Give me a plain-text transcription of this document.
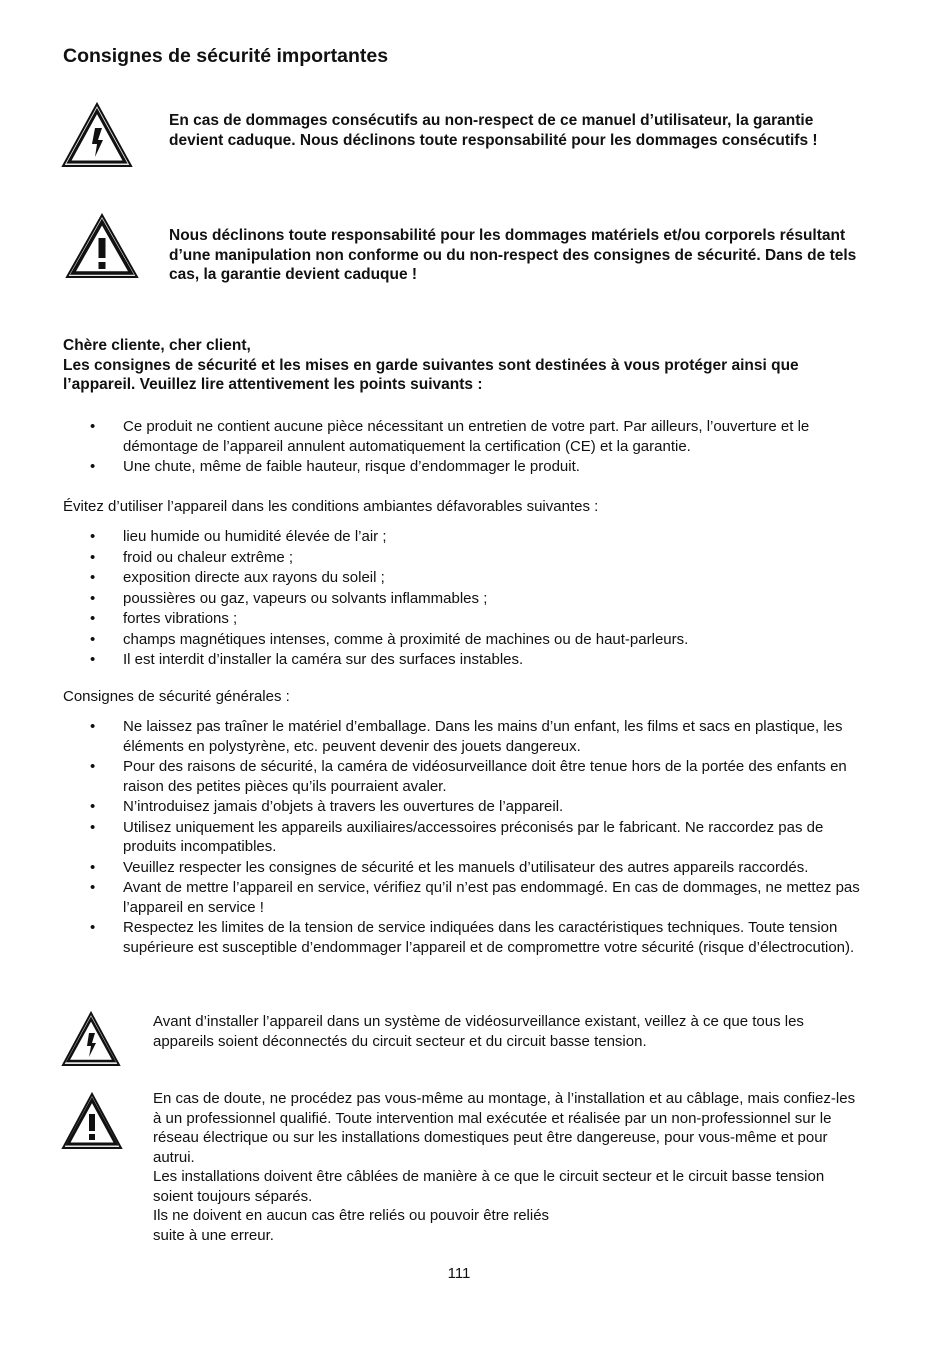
Consignes de sécurité importantes
En cas de dommages consécutifs au non-respect de ce manuel d’utilisateur, la garantie devient caduque. Nous déclinons toute responsabilité pour les dommages consécutifs !
Nous déclinons toute responsabilité pour les dommages matériels et/ou corporels résultant d’une manipulation non conforme ou du non-respect des consignes de sécurité. Dans de tels cas, la garantie devient caduque !

Chère cliente, cher client,

Les consignes de sécurité et les mises en garde suivantes sont destinées à vous protéger ainsi que l’appareil. Veuillez lire attentivement les points suivants :

• Ce produit ne contient aucune pièce nécessitant un entretien de votre part. Par ailleurs, l’ouverture et le démontage de l’appareil annulent automatiquement la certification (CE) et la garantie.
• Une chute, même de faible hauteur, risque d’endommager le produit.
Évitez d’utiliser l’appareil dans les conditions ambiantes défavorables suivantes :
• lieu humide ou humidité élevée de l’air ;
• froid ou chaleur extrême ;
• exposition directe aux rayons du soleil ;
• poussières ou gaz, vapeurs ou solvants inflammables ;
• fortes vibrations ;
• champs magnétiques intenses, comme à proximité de machines ou de haut-parleurs.
• Il est interdit d’installer la caméra sur des surfaces instables.
Consignes de sécurité générales :
• Ne laissez pas traîner le matériel d’emballage. Dans les mains d’un enfant, les films et sacs en plastique, les éléments en polystyrène, etc. peuvent devenir des jouets dangereux.
• Pour des raisons de sécurité, la caméra de vidéosurveillance doit être tenue hors de la portée des enfants en raison des petites pièces qu’ils pourraient avaler.
• N’introduisez jamais d’objets à travers les ouvertures de l’appareil.
• Utilisez uniquement les appareils auxiliaires/accessoires préconisés par le fabricant. Ne raccordez pas de produits incompatibles.
• Veuillez respecter les consignes de sécurité et les manuels d’utilisateur des autres appareils raccordés.
• Avant de mettre l’appareil en service, vérifiez qu’il n’est pas endommagé. En cas de dommages, ne mettez pas l’appareil en service !
• Respectez les limites de la tension de service indiquées dans les caractéristiques techniques. Toute tension supérieure est susceptible d’endommager l’appareil et de compromettre votre sécurité (risque d’électrocution).
Avant d’installer l’appareil dans un système de vidéosurveillance existant, veillez à ce que tous les appareils soient déconnectés du circuit secteur et du circuit basse tension.
En cas de doute, ne procédez pas vous-même au montage, à l’installation et au câblage, mais confiez-les à un professionnel qualifié. Toute intervention mal exécutée et réalisée par un non-professionnel sur le réseau électrique ou sur les installations domestiques peut être dangereuse, pour vous-même et pour autrui.
Les installations doivent être câblées de manière à ce que le circuit secteur et le circuit basse tension soient toujours séparés.
Ils ne doivent en aucun cas être reliés ou pouvoir être reliés
suite à une erreur.
111
